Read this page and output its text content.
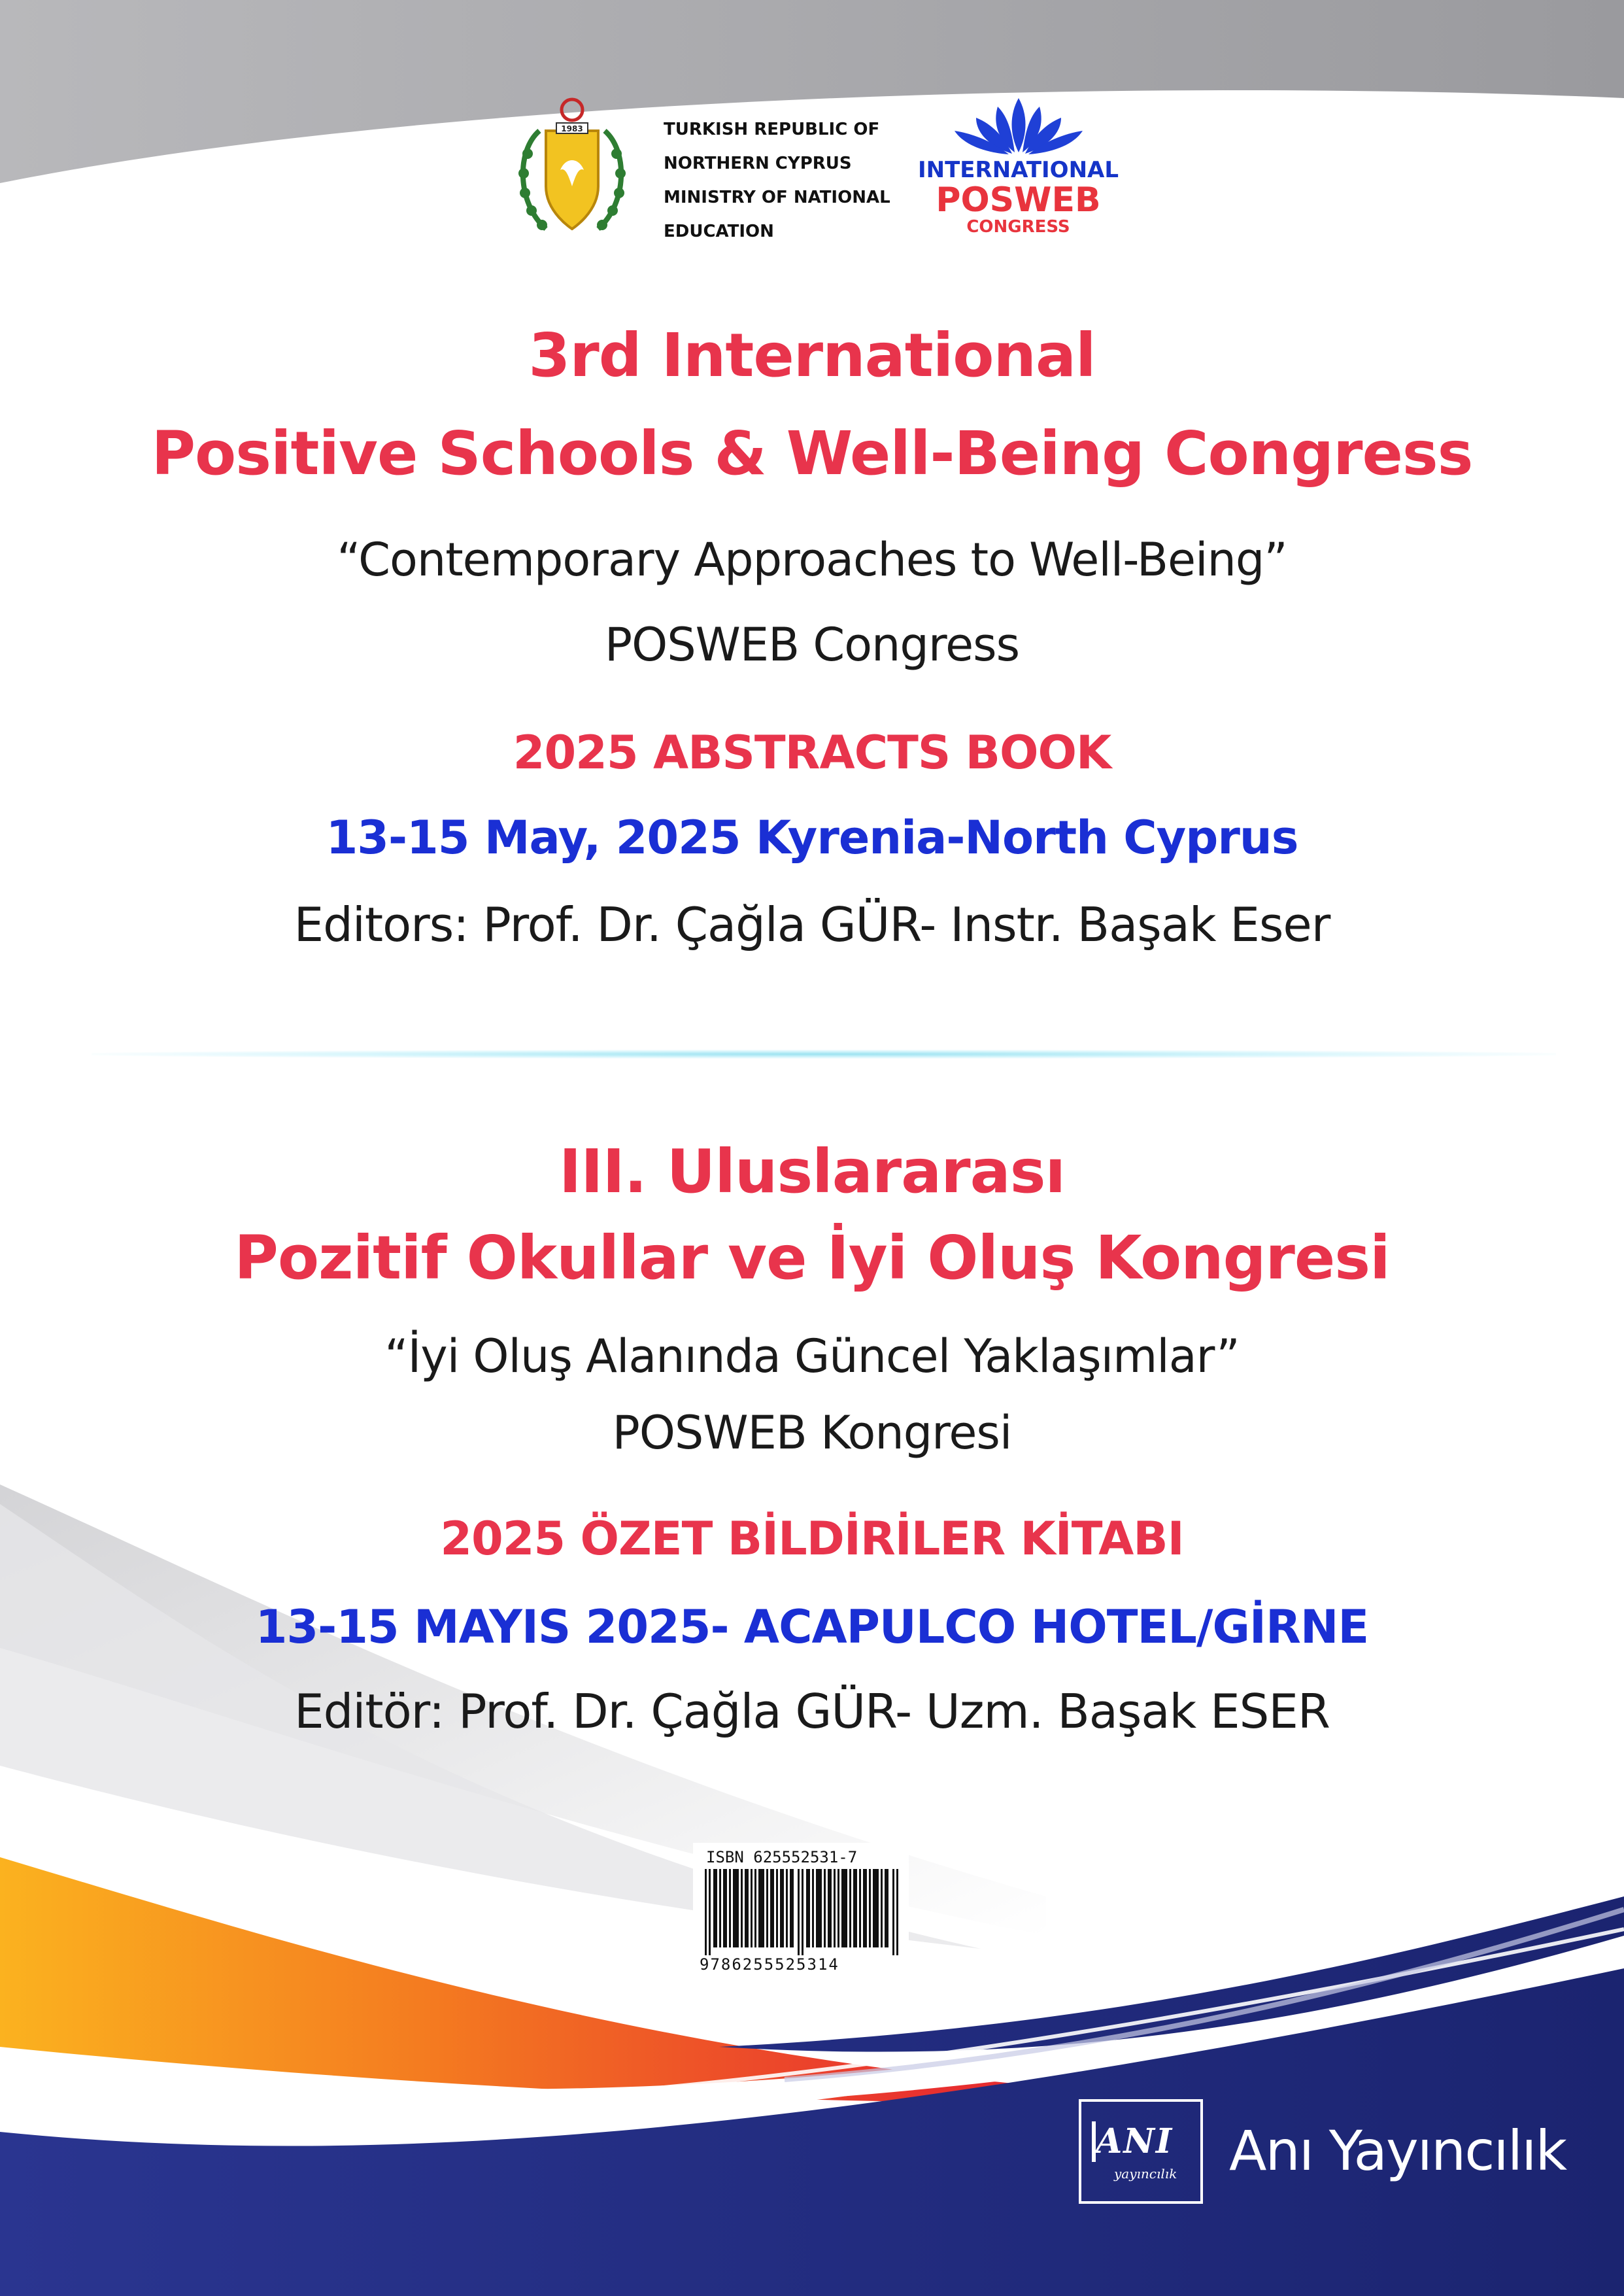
1983	TURKISH REPUBLIC OF
NORTHERN CYPRUS
MINISTRY OF NATIONAL
EDUCATION
INTERNATIONAL
POSWEB
CONGRESS
3rd International
Positive Schools & Well-Being Congress
“Contemporary Approaches to Well-Being”
POSWEB Congress
2025 ABSTRACTS BOOK
13-15 May, 2025 Kyrenia-North Cyprus
Editors: Prof. Dr. Çağla GÜR- Instr. Başak Eser
III. Uluslararası
Pozitif Okullar ve İyi Oluş Kongresi
“İyi Oluş Alanında Güncel Yaklaşımlar”
POSWEB Kongresi
2025 ÖZET BİLDİRİLER KİTABI
13-15 MAYIS 2025- ACAPULCO HOTEL/GİRNE
Editör: Prof. Dr. Çağla GÜR- Uzm. Başak ESER
ISBN 6255525З1-7
9786255525314
ANI
yayıncılık Anı Yayıncılık
